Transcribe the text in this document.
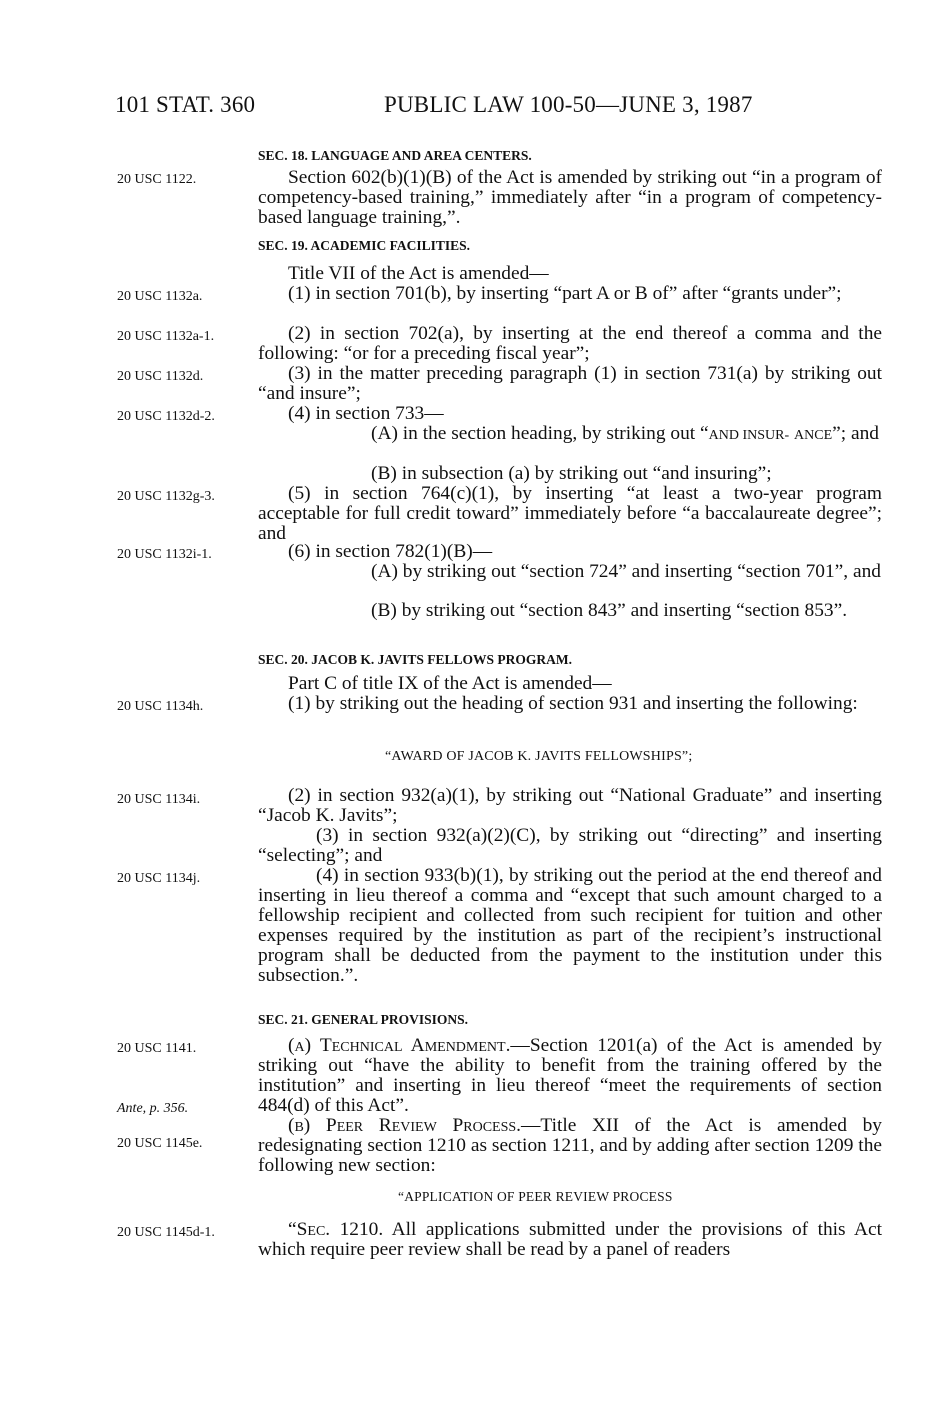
101 STAT. 360	PUBLIC LAW 100-50—JUNE 3, 1987
SEC. 18. LANGUAGE AND AREA CENTERS.
20 USC 1122.	Section 602(b)(1)(B) of the Act is amended by striking out “in a program of competency-based training,” immediately after “in a program of competency-based language training,”.
SEC. 19. ACADEMIC FACILITIES.
Title VII of the Act is amended—
20 USC 1132a.	(1) in section 701(b), by inserting “part A or B of” after “grants under”;
20 USC 1132a-1.	(2) in section 702(a), by inserting at the end thereof a comma and the following: “or for a preceding fiscal year”;
20 USC 1132d.	(3) in the matter preceding paragraph (1) in section 731(a) by striking out “and insure”;
20 USC 1132d-2.	(4) in section 733—
(A) in the section heading, by striking out “AND INSUR- ANCE”; and
(B) in subsection (a) by striking out “and insuring”;
20 USC 1132g-3.	(5) in section 764(c)(1), by inserting “at least a two-year program acceptable for full credit toward” immediately before “a baccalaureate degree”; and
20 USC 1132i-1.	(6) in section 782(1)(B)—
(A) by striking out “section 724” and inserting “section 701”, and
(B) by striking out “section 843” and inserting “section 853”.
SEC. 20. JACOB K. JAVITS FELLOWS PROGRAM.
Part C of title IX of the Act is amended—
20 USC 1134h.	(1) by striking out the heading of section 931 and inserting the following:
“AWARD OF JACOB K. JAVITS FELLOWSHIPS”;
20 USC 1134i.	(2) in section 932(a)(1), by striking out “National Graduate” and inserting “Jacob K. Javits”;
(3) in section 932(a)(2)(C), by striking out “directing” and inserting “selecting”; and
20 USC 1134j.	(4) in section 933(b)(1), by striking out the period at the end thereof and inserting in lieu thereof a comma and “except that such amount charged to a fellowship recipient and collected from such recipient for tuition and other expenses required by the institution as part of the recipient’s instructional program shall be deducted from the payment to the institution under this subsection.”.
SEC. 21. GENERAL PROVISIONS.
20 USC 1141.	(a) Technical Amendment.—Section 1201(a) of the Act is amended by striking out “have the ability to benefit from the training offered by the institution” and inserting in lieu thereof “meet the requirements of section 484(d) of this Act”.
Ante, p. 356.
(b) Peer Review Process.—Title XII of the Act is amended by redesignating section 1210 as section 1211, and by adding after section 1209 the following new section:
20 USC 1145e.
“APPLICATION OF PEER REVIEW PROCESS
20 USC 1145d-1.	“Sec. 1210. All applications submitted under the provisions of this Act which require peer review shall be read by a panel of readers
